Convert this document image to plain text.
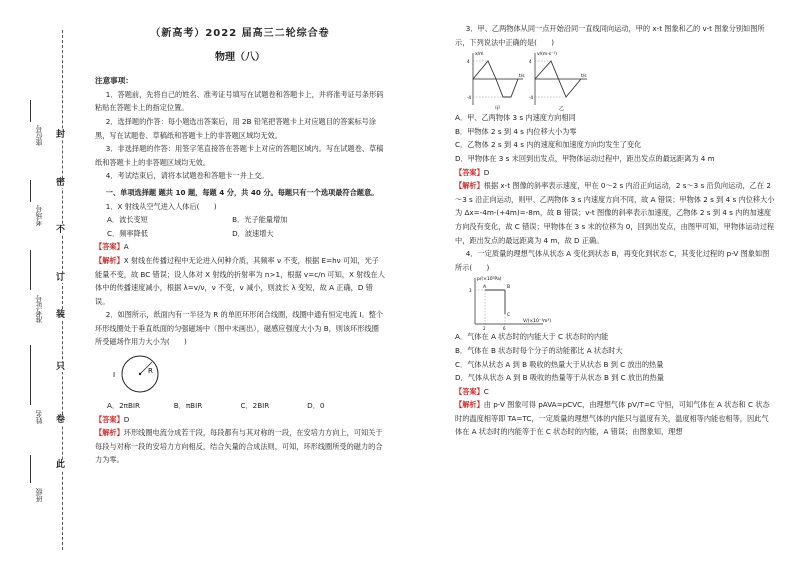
封
密
不
订
装
只
卷
此
座位号
考场号
准考证号
姓名
班级
（新高考）2022 届高三二轮综合卷
物理（八）
注意事项：

1．答题前，先将自己的姓名、准考证号填写在试题卷和答题卡上，并将准考证号条形码粘贴在答题卡上的指定位置。

2．选择题的作答：每小题选出答案后，用 2B 铅笔把答题卡上对应题目的答案标号涂黑，写在试题卷、草稿纸和答题卡上的非答题区域均无效。

3．非选择题的作答：用签字笔直接答在答题卡上对应的答题区域内。写在试题卷、草稿纸和答题卡上的非答题区域均无效。

4．考试结束后，请将本试题卷和答题卡一并上交。

一、单项选择题 题共 10 题，每题 4 分，共 40 分。每题只有一个选项最符合题意。

1．X 射线从空气进入人体后(　　)

A．波长变短	B．光子能量增加
C．频率降低	D．波速增大

【答案】A

【解析】X 射线在传播过程中无论进入何种介质，其频率 ν 不变，根据 E=hν 可知，光子能量不变，故 BC 错误；设人体对 X 射线的折射率为 n>1，根据 v=c/n 可知，X 射线在人体中的传播速度减小，根据 λ=v/ν，ν 不变，v 减小，则波长 λ 变短，故 A 正确，D 错误。

2．如图所示，纸面内有一半径为 R 的单匝环形闭合线圈，线圈中通有恒定电流 I。整个环形线圈处于垂直纸面的匀强磁场中（图中未画出），磁感应强度大小为 B，则该环形线圈所受磁场作用力大小为(　　)

I	R
A．2πBIR	B．πBIR	C．2BIR	D．0

【答案】D

【解析】环形线圈电流分成若干段，每段都有与其对称的一段，在安培力方向上，可知关于每段与对称一段的安培力方向相反，结合矢量的合成法则，可知，环形线圈所受的磁力的合力为零。

3．甲、乙两物体从同一点开始沿同一直线同向运动，甲的 x-t 图象和乙的 v-t 图象分别如图所示，下列说法中正确的是(　　)

x/m
t/s
4
-4
甲
v/(m·s⁻¹)
t/s
4
-4
乙

A．甲、乙两物体 3 s 内速度方向相同

B．甲物体 2 s 到 4 s 内位移大小为零

C．乙物体 2 s 到 4 s 内的速度和加速度方向均发生了变化

D．甲物体在 3 s 末回到出发点，甲物体运动过程中，距出发点的最远距离为 4 m

【答案】D

【解析】根据 x-t 图像的斜率表示速度，甲在 0～2 s 内沿正向运动，2 s～3 s 沿负向运动，乙在 2～3 s 沿正向运动，则甲、乙两物体 3 s 内速度方向不同，故 A 错误；甲物体 2 s 到 4 s 内位移大小为 Δx=-4m-(+4m)=-8m，故 B 错误；v-t 图像的斜率表示加速度，乙物体 2 s 到 4 s 内的加速度方向没有变化，故 C 错误；甲物体在 3 s 末的位移为 0，回到出发点，由图甲可知，甲物体运动过程中，距出发点的最远距离为 4 m，故 D 正确。

4．一定质量的理想气体从状态 A 变化到状态 B，再变化到状态 C，其变化过程的 p-V 图象如图所示(　　)

p/(×10⁵Pa)
V/(×10⁻³m³)
3
2	6
A	B
C

A．气体在 A 状态时的内能大于 C 状态时的内能

B．气体在 B 状态时每个分子的动能都比 A 状态时大

C．气体从状态 A 到 B 吸收的热量大于从状态 B 到 C 放出的热量

D．气体从状态 A 到 B 吸收的热量等于从状态 B 到 C 放出的热量

【答案】C

【解析】由 p-V 图象可得 pAVA=pCVC，由理想气体 pV/T=C 守恒，可知气体在 A 状态和 C 状态时的温度相等即 TA=TC，一定质量的理想气体的内能只与温度有关，温度相等内能也相等，因此气体在 A 状态时的内能等于在 C 状态时的内能，A 错误；由图象知，理想
